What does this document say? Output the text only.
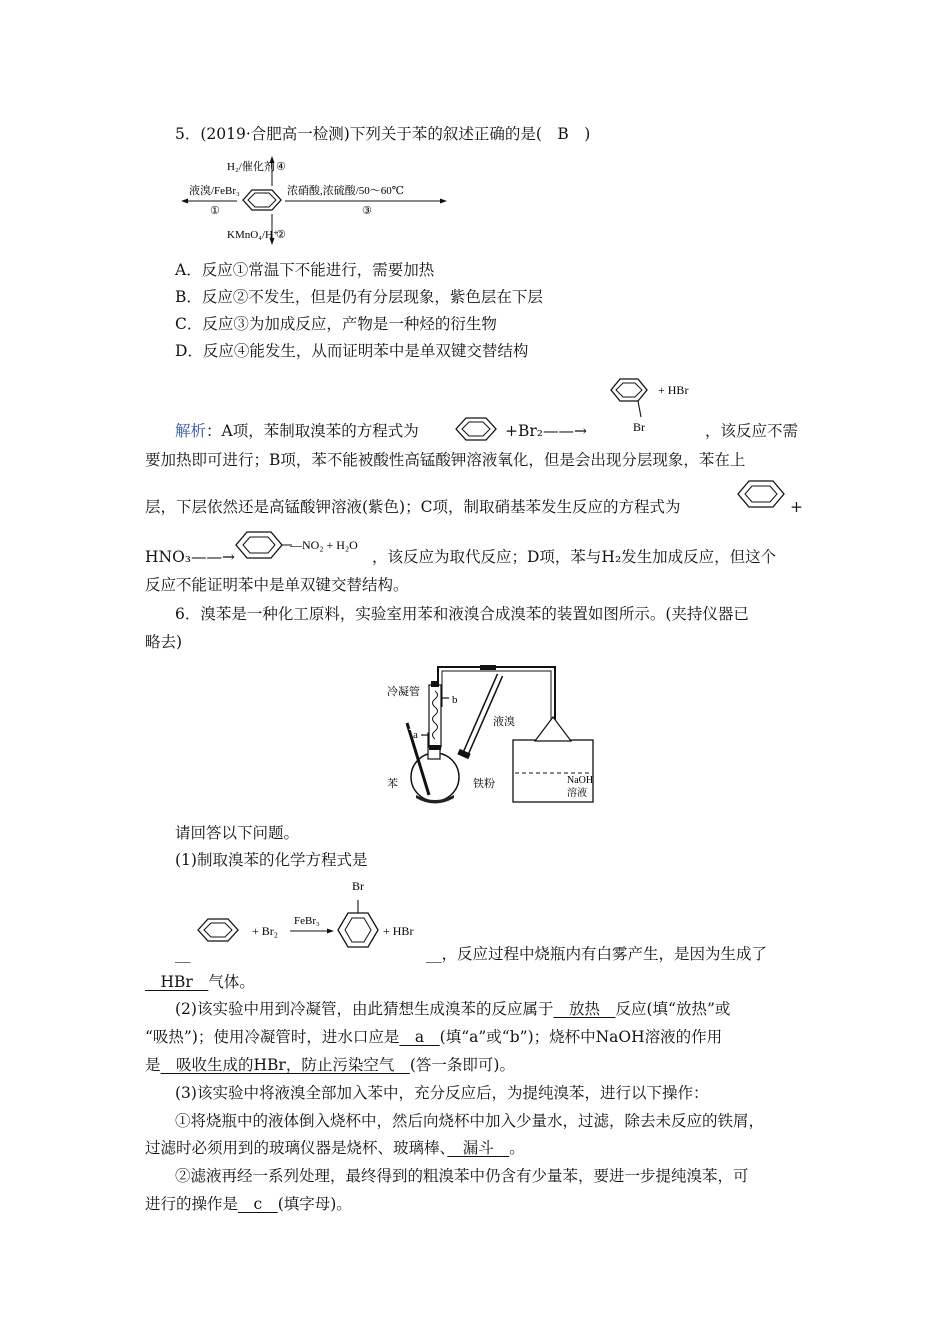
5．(2019·合肥高一检测)下列关于苯的叙述正确的是(　B　)
液溴/FeBr₃
①
浓硝酸,浓硫酸/50～60℃
③
H₂/催化剂 ④
KMnO₄/H⁺
②
A．反应①常温下不能进行，需要加热
B．反应②不发生，但是仍有分层现象，紫色层在下层
C．反应③为加成反应，产物是一种烃的衍生物
D．反应④能发生，从而证明苯中是单双键交替结构
+ HBr
Br
解析：A项，苯制取溴苯的方程式为	+Br₂——→	，该反应不需
要加热即可进行；B项，苯不能被酸性高锰酸钾溶液氧化，但是会出现分层现象，苯在上
层，下层依然还是高锰酸钾溶液(紫色)；C项，制取硝基苯发生反应的方程式为	+
HNO₃——→
—NO₂ + H₂O
，该反应为取代反应；D项，苯与H₂发生加成反应，但这个
反应不能证明苯中是单双键交替结构。
6．溴苯是一种化工原料，实验室用苯和液溴合成溴苯的装置如图所示。(夹持仪器已
略去)
冷凝管
b
a
液溴
苯	铁粉	NaOH
溶液
请回答以下问题。
(1)制取溴苯的化学方程式是
+ Br₂
FeBr₃
Br
+ HBr
__	__，反应过程中烧瓶内有白雾产生，是因为生成了
　HBr　气体。
(2)该实验中用到冷凝管，由此猜想生成溴苯的反应属于　放热　反应(填“放热”或
“吸热”)；使用冷凝管时，进水口应是　a　(填“a”或“b”)；烧杯中NaOH溶液的作用
是　吸收生成的HBr，防止污染空气　(答一条即可)。
(3)该实验中将液溴全部加入苯中，充分反应后，为提纯溴苯，进行以下操作：
①将烧瓶中的液体倒入烧杯中，然后向烧杯中加入少量水，过滤，除去未反应的铁屑，
过滤时必须用到的玻璃仪器是烧杯、玻璃棒、　漏斗　。
②滤液再经一系列处理，最终得到的粗溴苯中仍含有少量苯，要进一步提纯溴苯，可
进行的操作是　c　(填字母)。
